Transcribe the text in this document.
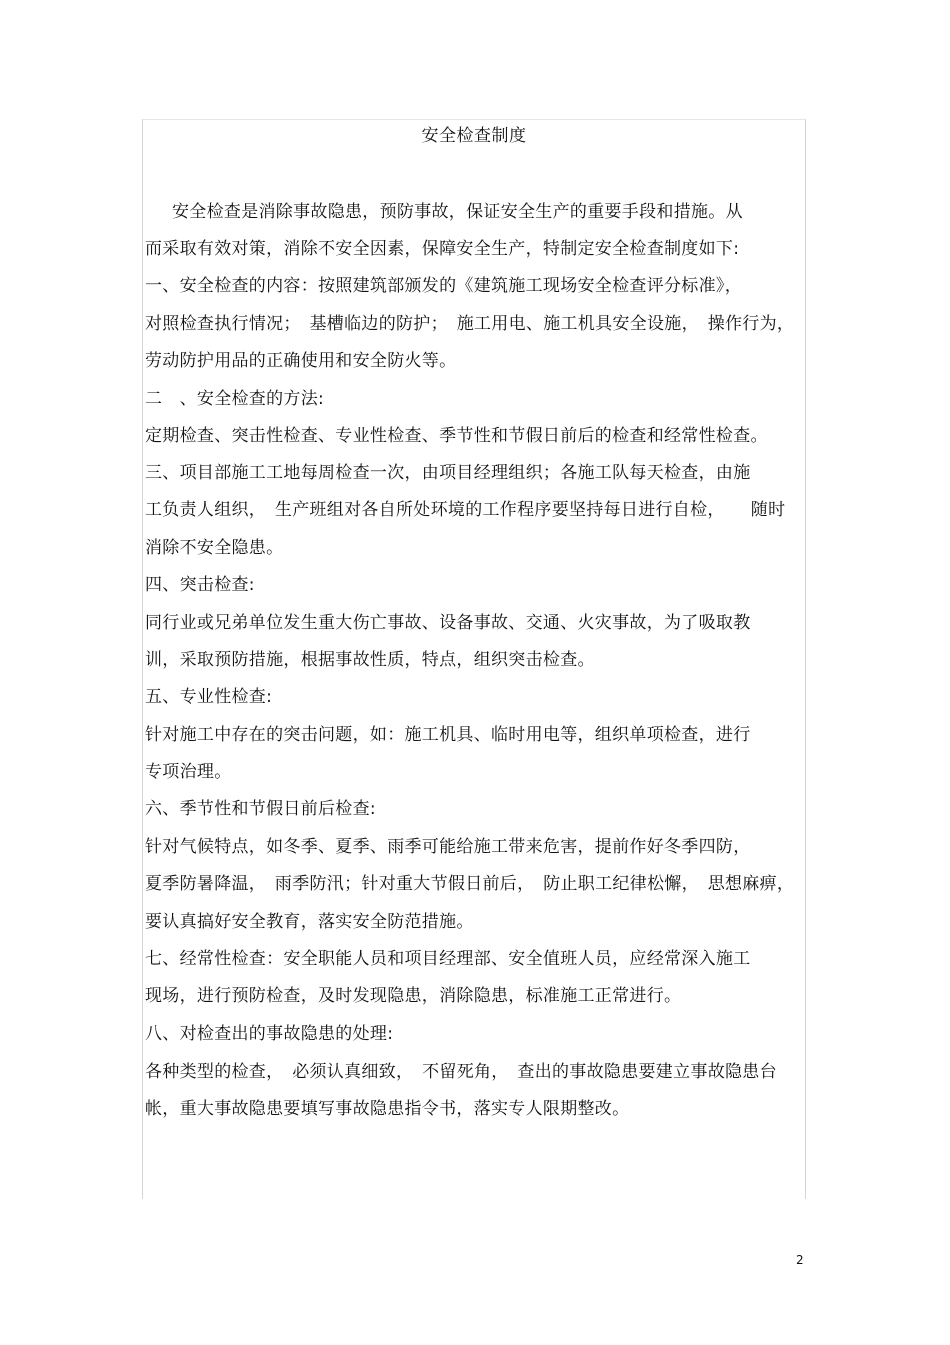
安全检查制度
安全检查是消除事故隐患，预防事故，保证安全生产的重要手段和措施。从
而采取有效对策，消除不安全因素，保障安全生产，特制定安全检查制度如下:
一、安全检查的内容：按照建筑部颁发的《建筑施工现场安全检查评分标准》，
对照检查执行情况；　基槽临边的防护；　施工用电、施工机具安全设施，　操作行为，
劳动防护用品的正确使用和安全防火等。
二　、安全检查的方法:
定期检查、突击性检查、专业性检查、季节性和节假日前后的检查和经常性检查。
三、项目部施工工地每周检查一次，由项目经理组织；各施工队每天检查，由施
工负责人组织，　生产班组对各自所处环境的工作程序要坚持每日进行自检，　　随时
消除不安全隐患。
四、突击检查:
同行业或兄弟单位发生重大伤亡事故、设备事故、交通、火灾事故，为了吸取教
训，采取预防措施，根据事故性质，特点，组织突击检查。
五、专业性检查:
针对施工中存在的突击问题，如：施工机具、临时用电等，组织单项检查，进行
专项治理。
六、季节性和节假日前后检查:
针对气候特点，如冬季、夏季、雨季可能给施工带来危害，提前作好冬季四防，
夏季防暑降温，　雨季防汛；针对重大节假日前后，　防止职工纪律松懈，　思想麻痹，
要认真搞好安全教育，落实安全防范措施。
七、经常性检查：安全职能人员和项目经理部、安全值班人员，应经常深入施工
现场，进行预防检查，及时发现隐患，消除隐患，标准施工正常进行。
八、对检查出的事故隐患的处理:
各种类型的检查，　必须认真细致，　不留死角，　查出的事故隐患要建立事故隐患台
帐，重大事故隐患要填写事故隐患指令书，落实专人限期整改。
2
